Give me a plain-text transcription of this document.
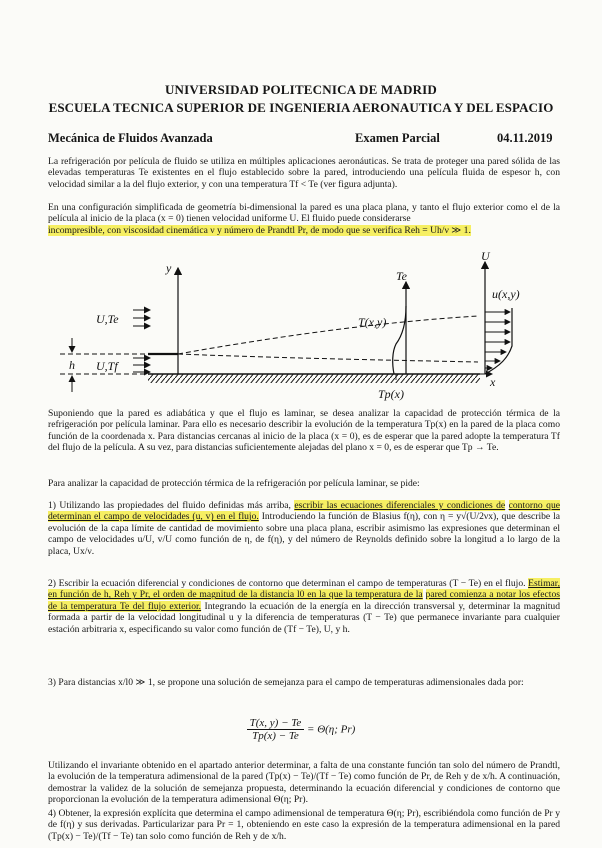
UNIVERSIDAD POLITECNICA DE MADRID
ESCUELA TECNICA SUPERIOR DE INGENIERIA AERONAUTICA Y DEL ESPACIO
Mecánica de Fluidos Avanzada	Examen Parcial	04.11.2019

La refrigeración por película de fluido se utiliza en múltiples aplicaciones aeronáuticas. Se trata de proteger una pared sólida de las elevadas temperaturas Te existentes en el flujo establecido sobre la pared, introduciendo una película fluida de espesor h, con velocidad similar a la del flujo exterior, y con una temperatura Tf < Te (ver figura adjunta).

En una configuración simplificada de geometría bi-dimensional la pared es una placa plana, y tanto el flujo exterior como el de la película al inicio de la placa (x = 0) tienen velocidad uniforme U. El fluido puede considerarse

incompresible, con viscosidad cinemática ν y número de Prandtl Pr, de modo que se verifica Reh = Uh/ν ≫ 1.

x
y
h
U,Te
U,Tf
Te
T(x,y)
Tp(x)
U
u(x,y)

Suponiendo que la pared es adiabática y que el flujo es laminar, se desea analizar la capacidad de protección térmica de la refrigeración por película laminar. Para ello es necesario describir la evolución de la temperatura Tp(x) en la pared de la placa como función de la coordenada x. Para distancias cercanas al inicio de la placa (x = 0), es de esperar que la pared adopte la temperatura Tf del flujo de la película. A su vez, para distancias suficientemente alejadas del plano x = 0, es de esperar que Tp → Te.

Para analizar la capacidad de protección térmica de la refrigeración por película laminar, se pide:

1) Utilizando las propiedades del fluido definidas más arriba, escribir las ecuaciones diferenciales y condiciones de contorno que determinan el campo de velocidades (u, v) en el flujo. Introduciendo la función de Blasius f(η), con η = y√(U/2νx), que describe la evolución de la capa límite de cantidad de movimiento sobre una placa plana, escribir asimismo las expresiones que determinan el campo de velocidades u/U, v/U como función de η, de f(η), y del número de Reynolds definido sobre la longitud a lo largo de la placa, Ux/ν.

2) Escribir la ecuación diferencial y condiciones de contorno que determinan el campo de temperaturas (T − Te) en el flujo. Estimar, en función de h, Reh y Pr, el orden de magnitud de la distancia l0 en la que la temperatura de la pared comienza a notar los efectos de la temperatura Te del flujo exterior. Integrando la ecuación de la energía en la dirección transversal y, determinar la magnitud formada a partir de la velocidad longitudinal u y la diferencia de temperaturas (T − Te) que permanece invariante para cualquier estación arbitraria x, especificando su valor como función de (Tf − Te), U, y h.

3) Para distancias x/l0 ≫ 1, se propone una solución de semejanza para el campo de temperaturas adimensionales dada por:

$\frac{T(x, y) - Te}{Tp(x) - Te} = \Theta(\eta$; Pr)

Utilizando el invariante obtenido en el apartado anterior determinar, a falta de una constante función tan solo del número de Prandtl, la evolución de la temperatura adimensional de la pared (Tp(x) − Te)/(Tf − Te) como función de Pr, de Reh y de x/h. A continuación, demostrar la validez de la solución de semejanza propuesta, determinando la ecuación diferencial y condiciones de contorno que proporcionan la evolución de la temperatura adimensional Θ(η; Pr).

4) Obtener, la expresión explícita que determina el campo adimensional de temperatura Θ(η; Pr), escribiéndola como función de Pr y de f(η) y sus derivadas. Particularizar para Pr = 1, obteniendo en este caso la expresión de la temperatura adimensional en la pared (Tp(x) − Te)/(Tf − Te) tan solo como función de Reh y de x/h.
